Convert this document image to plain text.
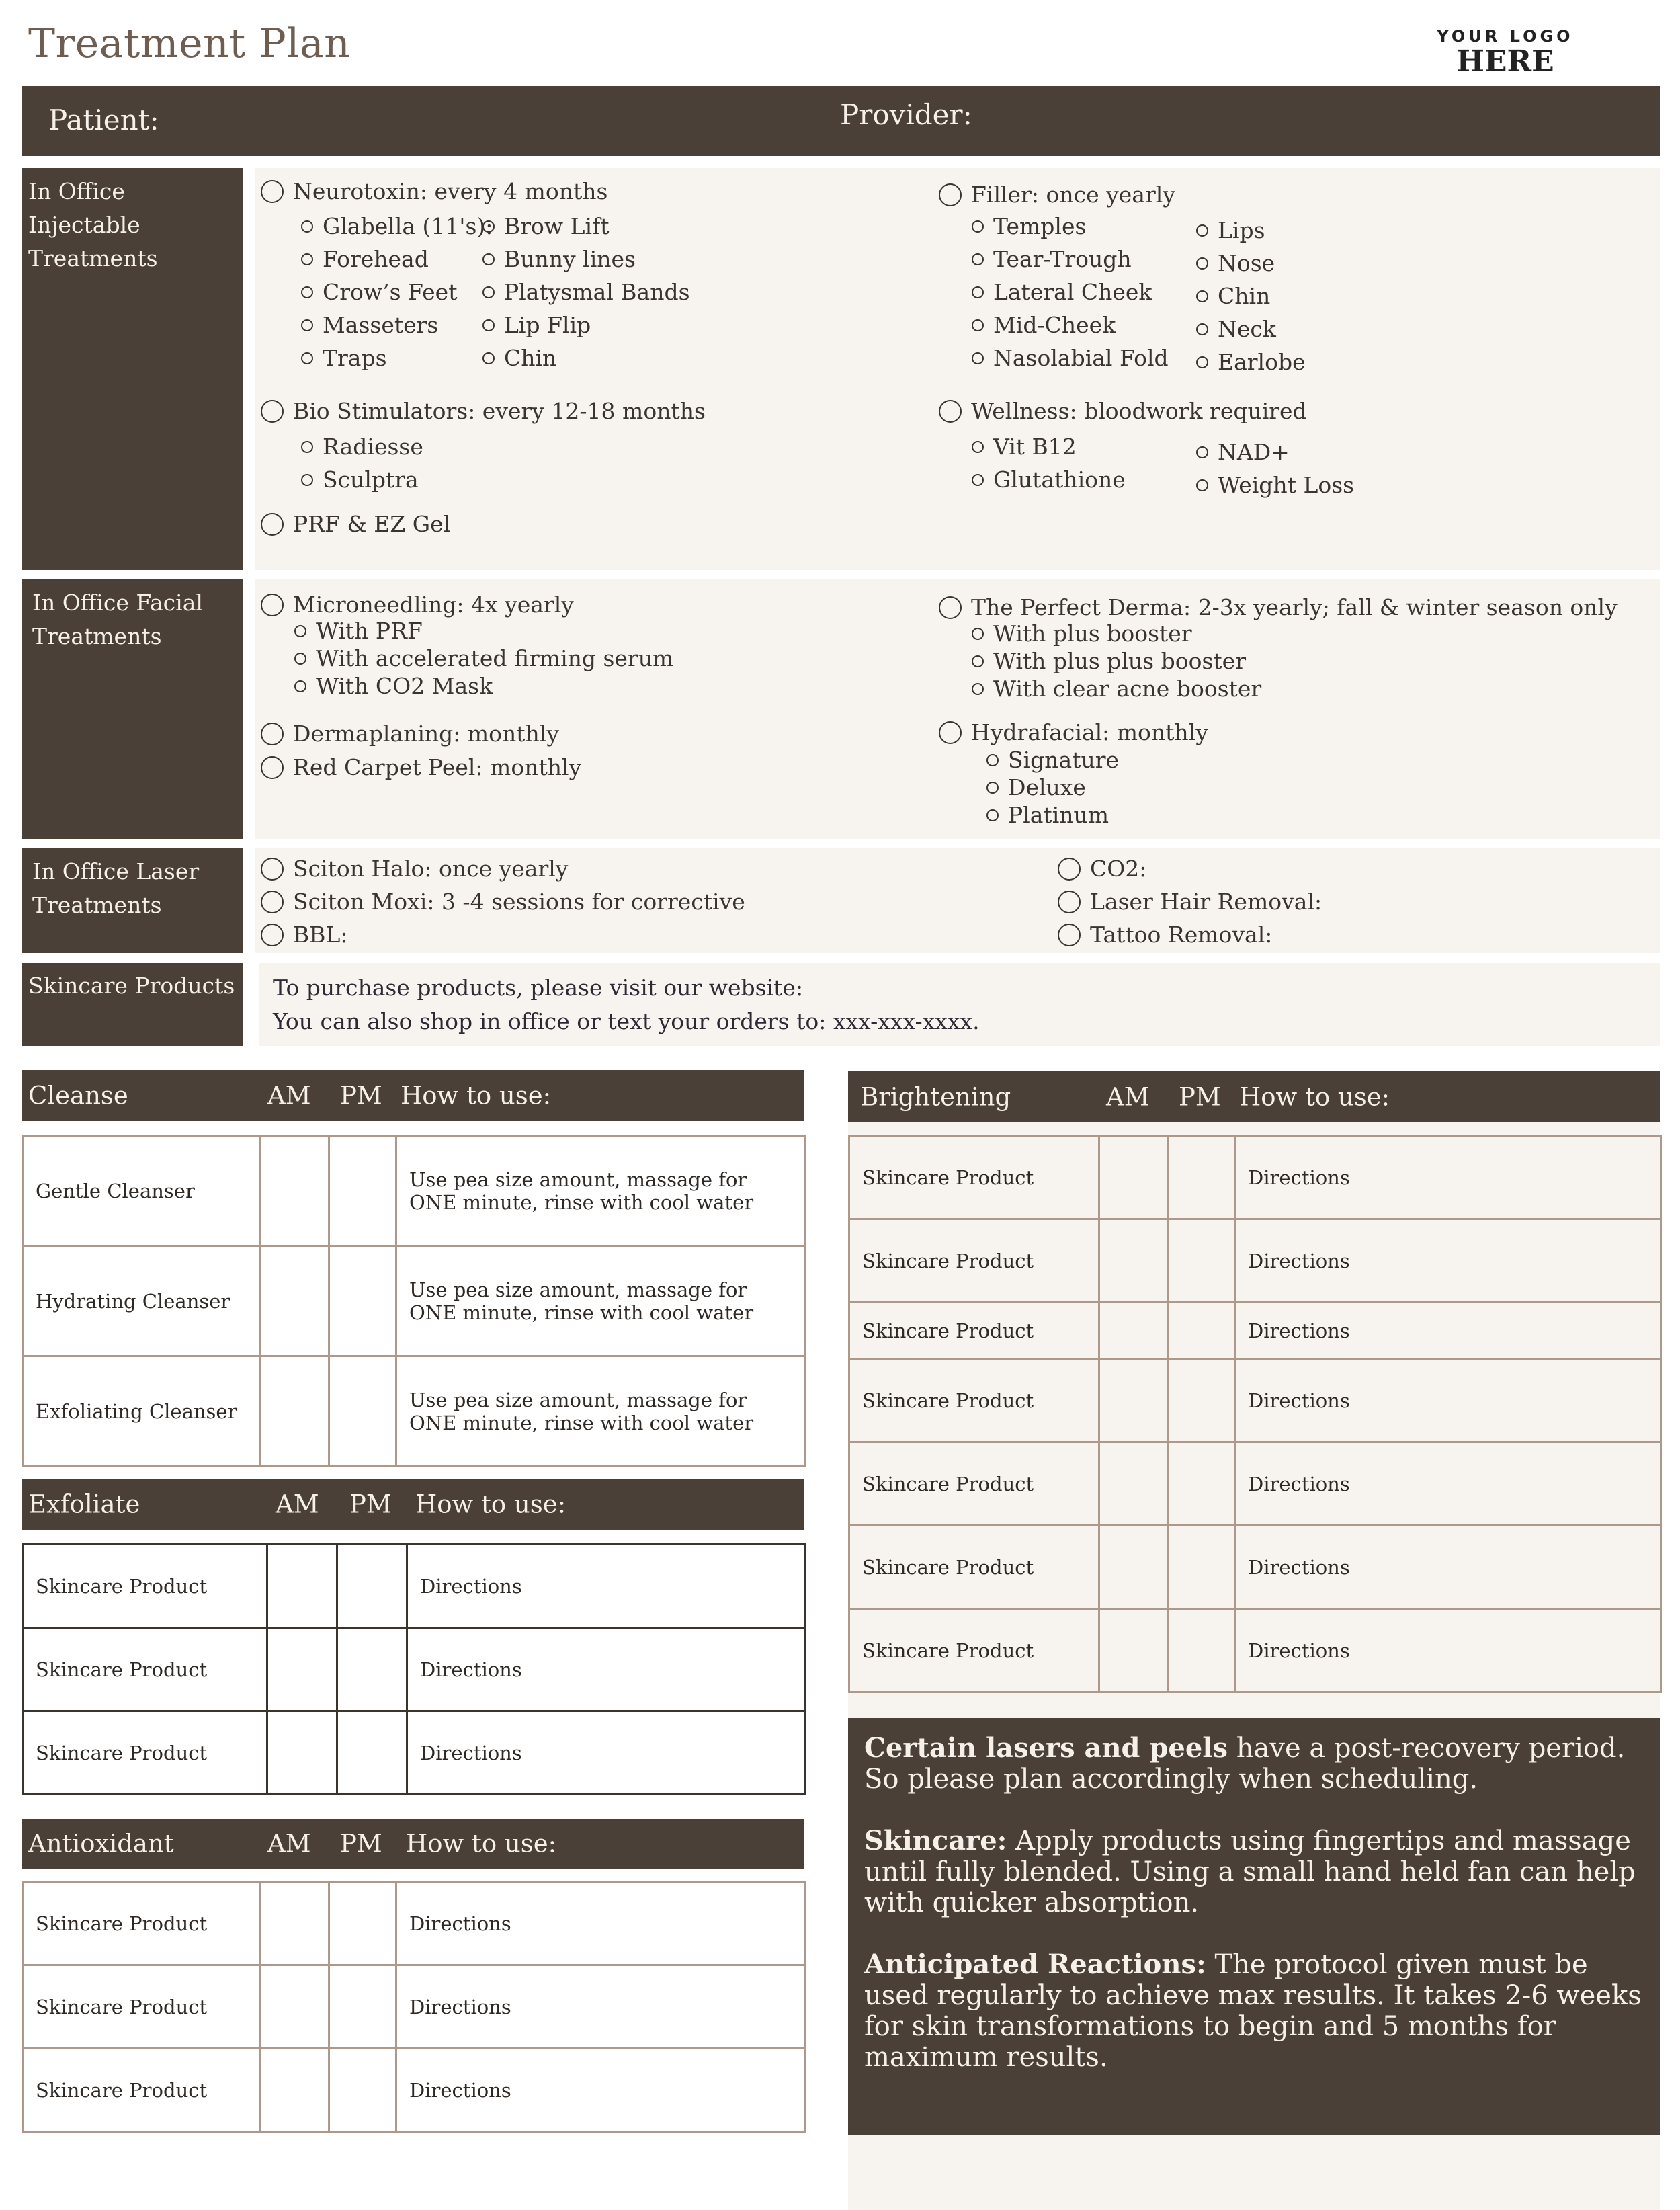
Treatment Plan	YOUR LOGO
HERE
Patient:	Provider:
In Office Injectable Treatments
Neurotoxin: every 4 months
Glabella (11's):
Forehead
Crow’s Feet
Masseters
Traps
Brow Lift
Bunny lines
Platysmal Bands
Lip Flip
Chin
Filler: once yearly
Temples
Tear-Trough
Lateral Cheek
Mid-Cheek
Nasolabial Fold
Lips
Nose
Chin
Neck
Earlobe
Bio Stimulators: every 12-18 months
Radiesse
Sculptra
PRF & EZ Gel
Wellness: bloodwork required
Vit B12
Glutathione
NAD+
Weight Loss
In Office Facial Treatments
Microneedling: 4x yearly
With PRF
With accelerated firming serum
With CO2 Mask
Dermaplaning: monthly
Red Carpet Peel: monthly
The Perfect Derma: 2-3x yearly; fall & winter season only
With plus booster
With plus plus booster
With clear acne booster
Hydrafacial: monthly
Signature
Deluxe
Platinum
In Office Laser Treatments
Sciton Halo: once yearly
Sciton Moxi: 3 -4 sessions for corrective
BBL:
CO2:
Laser Hair Removal:
Tattoo Removal:
Skincare Products	To purchase products, please visit our website:
You can also shop in office or text your orders to: xxx-xxx-xxxx.
Cleanse	AM PM How to use:
Gentle Cleanser			Use pea size amount, massage for ONE minute, rinse with cool water
Hydrating Cleanser			Use pea size amount, massage for ONE minute, rinse with cool water
Exfoliating Cleanser			Use pea size amount, massage for ONE minute, rinse with cool water
Exfoliate	AM PM How to use:
Skincare Product			Directions
Skincare Product			Directions
Skincare Product			Directions
Antioxidant	AM PM How to use:
Skincare Product			Directions
Skincare Product			Directions
Skincare Product			Directions
Brightening	AM PM How to use:
Skincare Product			Directions
Skincare Product			Directions
Skincare Product			Directions
Skincare Product			Directions
Skincare Product			Directions
Skincare Product			Directions
Skincare Product			Directions

Certain lasers and peels have a post-recovery period. So please plan accordingly when scheduling.

Skincare: Apply products using fingertips and massage until fully blended. Using a small hand held fan can help with quicker absorption.

Anticipated Reactions: The protocol given must be used regularly to achieve max results. It takes 2-6 weeks for skin transformations to begin and 5 months for maximum results.
